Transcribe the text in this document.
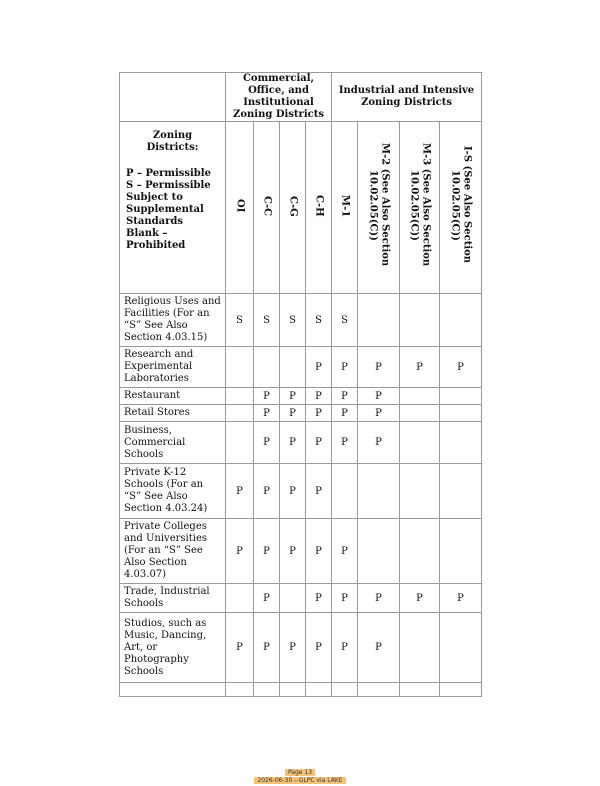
	Commercial, Office, and Institutional Zoning Districts				Industrial and Intensive Zoning Districts			

Zoning Districts:
P – Permissible
S – Permissible Subject to Supplemental Standards
Blank – Prohibited	OI	C-C	C-G	C-H	M-1	M-2 (See Also Section 10.02.05(C))	M-3 (See Also Section 10.02.05(C))	I-S (See Also Section 10.02.05(C))
Religious Uses and Facilities (For an “S” See Also Section 4.03.15)	S	S	S	S	S			
Research and Experimental Laboratories				P	P	P	P	P
Restaurant		P	P	P	P	P		
Retail Stores		P	P	P	P	P		
Business, Commercial Schools		P	P	P	P	P		
Private K-12 Schools (For an “S” See Also Section 4.03.24)	P	P	P	P				
Private Colleges and Universities (For an “S” See Also Section 4.03.07)	P	P	P	P	P			
Trade, Industrial Schools		P		P	P	P	P	P
Studios, such as Music, Dancing, Art, or Photography Schools	P	P	P	P	P	P		

Page 13
2026-06-30 --GLPC via LAKE
